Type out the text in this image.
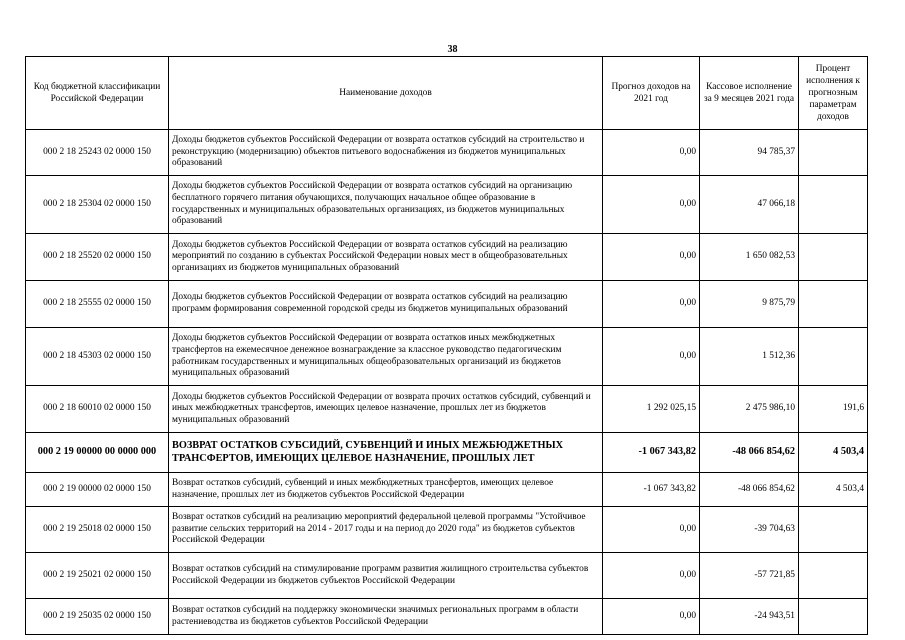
38
Код бюджетной классификации Российской Федерации	Наименование доходов	Прогноз доходов на 2021 год	Кассовое исполнение за 9 месяцев 2021 года	Процент исполнения к прогнозным параметрам доходов
000 2 18 25243 02 0000 150	Доходы бюджетов субъектов Российской Федерации от возврата остатков субсидий на строительство и реконструкцию (модернизацию) объектов питьевого водоснабжения из бюджетов муниципальных образований	0,00	94 785,37	
000 2 18 25304 02 0000 150	Доходы бюджетов субъектов Российской Федерации от возврата остатков субсидий на организацию бесплатного горячего питания обучающихся, получающих начальное общее образование в государственных и муниципальных образовательных организациях, из бюджетов муниципальных образований	0,00	47 066,18	
000 2 18 25520 02 0000 150	Доходы бюджетов субъектов Российской Федерации от возврата остатков субсидий на реализацию мероприятий по созданию в субъектах Российской Федерации новых мест в общеобразовательных организациях из бюджетов муниципальных образований	0,00	1 650 082,53	
000 2 18 25555 02 0000 150	Доходы бюджетов субъектов Российской Федерации от возврата остатков субсидий на реализацию программ формирования современной городской среды из бюджетов муниципальных образований	0,00	9 875,79	
000 2 18 45303 02 0000 150	Доходы бюджетов субъектов Российской Федерации от возврата остатков иных межбюджетных трансфертов на ежемесячное денежное вознаграждение за классное руководство педагогическим работникам государственных и муниципальных общеобразовательных организаций из бюджетов муниципальных образований	0,00	1 512,36	
000 2 18 60010 02 0000 150	Доходы бюджетов субъектов Российской Федерации от возврата прочих остатков субсидий, субвенций и иных межбюджетных трансфертов, имеющих целевое назначение, прошлых лет из бюджетов муниципальных образований	1 292 025,15	2 475 986,10	191,6
000 2 19 00000 00 0000 000	ВОЗВРАТ ОСТАТКОВ СУБСИДИЙ, СУБВЕНЦИЙ И ИНЫХ МЕЖБЮДЖЕТНЫХ ТРАНСФЕРТОВ, ИМЕЮЩИХ ЦЕЛЕВОЕ НАЗНАЧЕНИЕ, ПРОШЛЫХ ЛЕТ	-1 067 343,82	-48 066 854,62	4 503,4
000 2 19 00000 02 0000 150	Возврат остатков субсидий, субвенций и иных межбюджетных трансфертов, имеющих целевое назначение, прошлых лет из бюджетов субъектов Российской Федерации	-1 067 343,82	-48 066 854,62	4 503,4
000 2 19 25018 02 0000 150	Возврат остатков субсидий на реализацию мероприятий федеральной целевой программы "Устойчивое развитие сельских территорий на 2014 - 2017 годы и на период до 2020 года" из бюджетов субъектов Российской Федерации	0,00	-39 704,63	
000 2 19 25021 02 0000 150	Возврат остатков субсидий на стимулирование программ развития жилищного строительства субъектов Российской Федерации из бюджетов субъектов Российской Федерации	0,00	-57 721,85	
000 2 19 25035 02 0000 150	Возврат остатков субсидий на поддержку экономически значимых региональных программ в области растениеводства из бюджетов субъектов Российской Федерации	0,00	-24 943,51	
